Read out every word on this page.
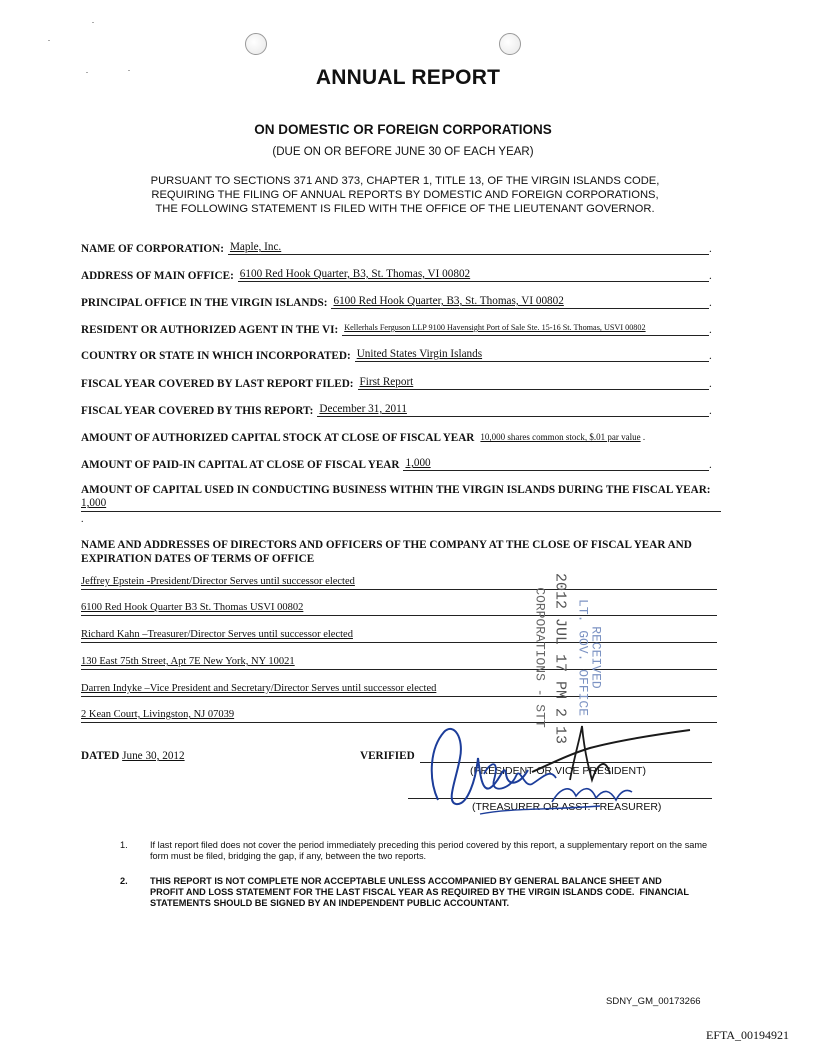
ANNUAL REPORT
ON DOMESTIC OR FOREIGN CORPORATIONS
(DUE ON OR BEFORE JUNE 30 OF EACH YEAR)
PURSUANT TO SECTIONS 371 AND 373, CHAPTER 1, TITLE 13, OF THE VIRGIN ISLANDS CODE,
REQUIRING THE FILING OF ANNUAL REPORTS BY DOMESTIC AND FOREIGN CORPORATIONS,
THE FOLLOWING STATEMENT IS FILED WITH THE OFFICE OF THE LIEUTENANT GOVERNOR.
NAME OF CORPORATION: Maple, Inc.	.
ADDRESS OF MAIN OFFICE: 6100 Red Hook Quarter, B3, St. Thomas, VI 00802	.
PRINCIPAL OFFICE IN THE VIRGIN ISLANDS: 6100 Red Hook Quarter, B3, St. Thomas, VI 00802	.
RESIDENT OR AUTHORIZED AGENT IN THE VI: Kellerhals Ferguson LLP 9100 Havensight Port of Sale Ste. 15-16 St. Thomas, USVI 00802	.
COUNTRY OR STATE IN WHICH INCORPORATED: United States Virgin Islands	.
FISCAL YEAR COVERED BY LAST REPORT FILED: First Report	.
FISCAL YEAR COVERED BY THIS REPORT: December 31, 2011	.
AMOUNT OF AUTHORIZED CAPITAL STOCK AT CLOSE OF FISCAL YEAR 10,000 shares common stock, $.01 par value .
AMOUNT OF PAID-IN CAPITAL AT CLOSE OF FISCAL YEAR 1,000	.
AMOUNT OF CAPITAL USED IN CONDUCTING BUSINESS WITHIN THE VIRGIN ISLANDS DURING THE FISCAL YEAR: 1,000
.
NAME AND ADDRESSES OF DIRECTORS AND OFFICERS OF THE COMPANY AT THE CLOSE OF FISCAL YEAR AND EXPIRATION DATES OF TERMS OF OFFICE
Jeffrey Epstein -President/Director Serves until successor elected
6100 Red Hook Quarter B3 St. Thomas USVI 00802
Richard Kahn –Treasurer/Director Serves until successor elected
130 East 75th Street, Apt 7E New York, NY 10021
Darren Indyke –Vice President and Secretary/Director Serves until successor elected
2 Kean Court, Livingston, NJ 07039
RECEIVED
LT. GOV. OFFICE
2012 JUL 17 PM 2 13
CORPORATIONS - STT
DATED June 30, 2012	VERIFIED
(PRESIDENT OR VICE PRESIDENT)
(TREASURER OR ASST. TREASURER)
1. If last report filed does not cover the period immediately preceding this period covered by this report, a supplementary report on the same form must be filed, bridging the gap, if any, between the two reports.
2. THIS REPORT IS NOT COMPLETE NOR ACCEPTABLE UNLESS ACCOMPANIED BY GENERAL BALANCE SHEET AND            PROFIT AND LOSS STATEMENT FOR THE LAST FISCAL YEAR AS REQUIRED BY THE VIRGIN ISLANDS CODE.  FINANCIAL STATEMENTS SHOULD BE SIGNED BY AN INDEPENDENT PUBLIC ACCOUNTANT.
SDNY_GM_00173266
EFTA_00194921
